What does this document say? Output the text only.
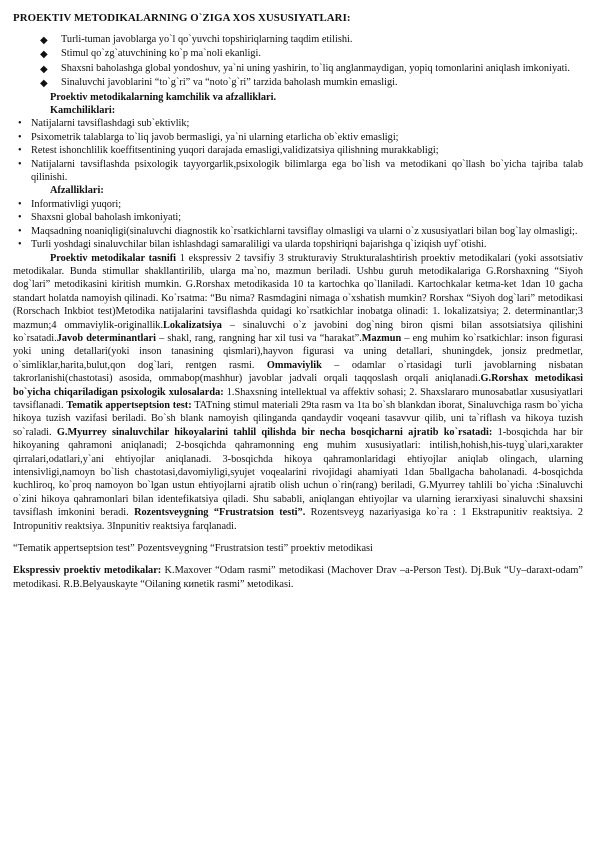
PROEKTIV METODIKALARNING O`ZIGA XOS XUSUSIYATLARI:
◆ Turli-tuman javoblarga yo`l qo`yuvchi topshiriqlarning taqdim etilishi.
◆ Stimul qo`zg`atuvchining ko`p ma`noli ekanligi.
◆ Shaxsni baholashga global yondoshuv, ya`ni uning yashirin, to`liq anglanmaydigan, yopiq tomonlarini aniqlash imkoniyati.
◆ Sinaluvchi javoblarini “to`g`ri” va “noto`g`ri” tarzida baholash mumkin emasligi.
Proektiv metodikalarning kamchilik va afzalliklari.
Kamchiliklari:
• Natijalarni tavsiflashdagi sub`ektivlik;
• Psixometrik talablarga to`liq javob bermasligi, ya`ni ularning etarlicha ob`ektiv emasligi;
• Retest ishonchlilik koeffitsentining yuqori darajada emasligi,validizatsiya qilishning murakkabligi;
• Natijalarni tavsiflashda psixologik tayyorgarlik,psixologik bilimlarga ega bo`lish va metodikani qo`llash bo`yicha tajriba talab qilinishi.
Afzalliklari:
• Informativligi yuqori;
• Shaxsni global baholash imkoniyati;
• Maqsadning noaniqligi(sinaluvchi diagnostik ko`rsatkichlarni tavsiflay olmasligi va ularni o`z xususiyatlari bilan bog`lay olmasligi;.
• Turli yoshdagi sinaluvchilar bilan ishlashdagi samaraliligi va ularda topshiriqni bajarishga q`iziqish uyf`otishi.

Proektiv metodikalar tasnifi 1 ekspressiv 2 tavsifiy 3 strukturaviy Strukturalashtirish proektiv metodikalari (yoki assotsiativ metodikalar. Bunda stimullar shakllantirilib, ularga ma`no, mazmun beriladi. Ushbu guruh metodikalariga G.Rorshaxning “Siyoh dog`lari” metodikasini kiritish mumkin. G.Rorshax metodikasida 10 ta kartochka qo`llaniladi. Kartochkalar ketma-ket 1dan 10 gacha standart holatda namoyish qilinadi. Ko`rsatma: “Bu nima? Rasmdagini nimaga o`xshatish mumkin? Rorshax “Siyoh dog`lari” metodikasi (Rorschach Inkbiot test)Metodika natijalarini tavsiflashda quidagi ko`rsatkichlar inobatga olinadi: 1. lokalizatsiya; 2. determinantlar;3 mazmun;4 ommaviylik-originallik.Lokalizatsiya – sinaluvchi o`z javobini dog`ning biron qismi bilan assotsiatsiya qilishini ko`rsatadi.Javob determinantlari – shakl, rang, rangning har xil tusi va “harakat”.Mazmun – eng muhim ko`rsatkichlar: inson figurasi yoki uning detallari(yoki inson tanasining qismlari),hayvon figurasi va uning detallari, shuningdek, jonsiz predmetlar, o`simliklar,harita,bulut,qon dog`lari, rentgen rasmi. Ommaviylik – odamlar o`rtasidagi turli javoblarning nisbatan takrorlanishi(chastotasi) asosida, ommabop(mashhur) javoblar jadvali orqali taqqoslash orqali aniqlanadi.G.Rorshax metodikasi bo`yicha chiqariladigan psixologik xulosalarda: 1.Shaxsning intellektual va affektiv sohasi; 2. Shaxslararo munosabatlar xususiyatlari tavsiflanadi. Tematik appertseptsion test: TATning stimul materiali 29ta rasm va 1ta bo`sh blankdan iborat, Sinaluvchiga rasm bo`yicha hikoya tuzish vazifasi beriladi. Bo`sh blank namoyish qilinganda qandaydir voqeani tasavvur qilib, uni ta`riflash va hikoya tuzish so`raladi. G.Myurrey sinaluvchilar hikoyalarini tahlil qilishda bir necha bosqicharni ajratib ko`rsatadi: 1-bosqichda har bir hikoyaning qahramoni aniqlanadi; 2-bosqichda qahramonning eng muhim xususiyatlari: intilish,hohish,his-tuyg`ulari,xarakter qirralari,odatlari,y`ani ehtiyojlar aniqlanadi. 3-bosqichda hikoya qahramonlaridagi ehtiyojlar aniqlab olingach, ularning intensivligi,namoyn bo`lish chastotasi,davomiyligi,syujet voqealarini rivojidagi ahamiyati 1dan 5ballgacha baholanadi. 4-bosqichda kuchliroq, ko`proq namoyon bo`lgan ustun ehtiyojlarni ajratib olish uchun o`rin(rang) beriladi, G.Myurrey tahlili bo`yicha :Sinaluvchi o`zini hikoya qahramonlari bilan identefikatsiya qiladi. Shu sababli, aniqlangan ehtiyojlar va ularning ierarxiyasi sinaluvchi shaxsini tavsiflash imkonini beradi. Rozentsveygning “Frustratsion testi”. Rozentsveyg nazariyasiga ko`ra : 1 Ekstrapunitiv reaktsiya. 2 Intropunitiv reaktsiya. 3Inpunitiv reaktsiya farqlanadi.

“Tematik appertseptsion test” Pozentsveygning “Frustratsion testi” proektiv metodikasi

Ekspressiv proektiv metodikalar: K.Maxover “Odam rasmi” metodikasi (Machover Drav –a-Person Test). Dj.Buk “Uy–daraxt-odam” metodikasi. R.B.Belyauskayte “Oilaning киnetik rasmi” меtodikasi.
